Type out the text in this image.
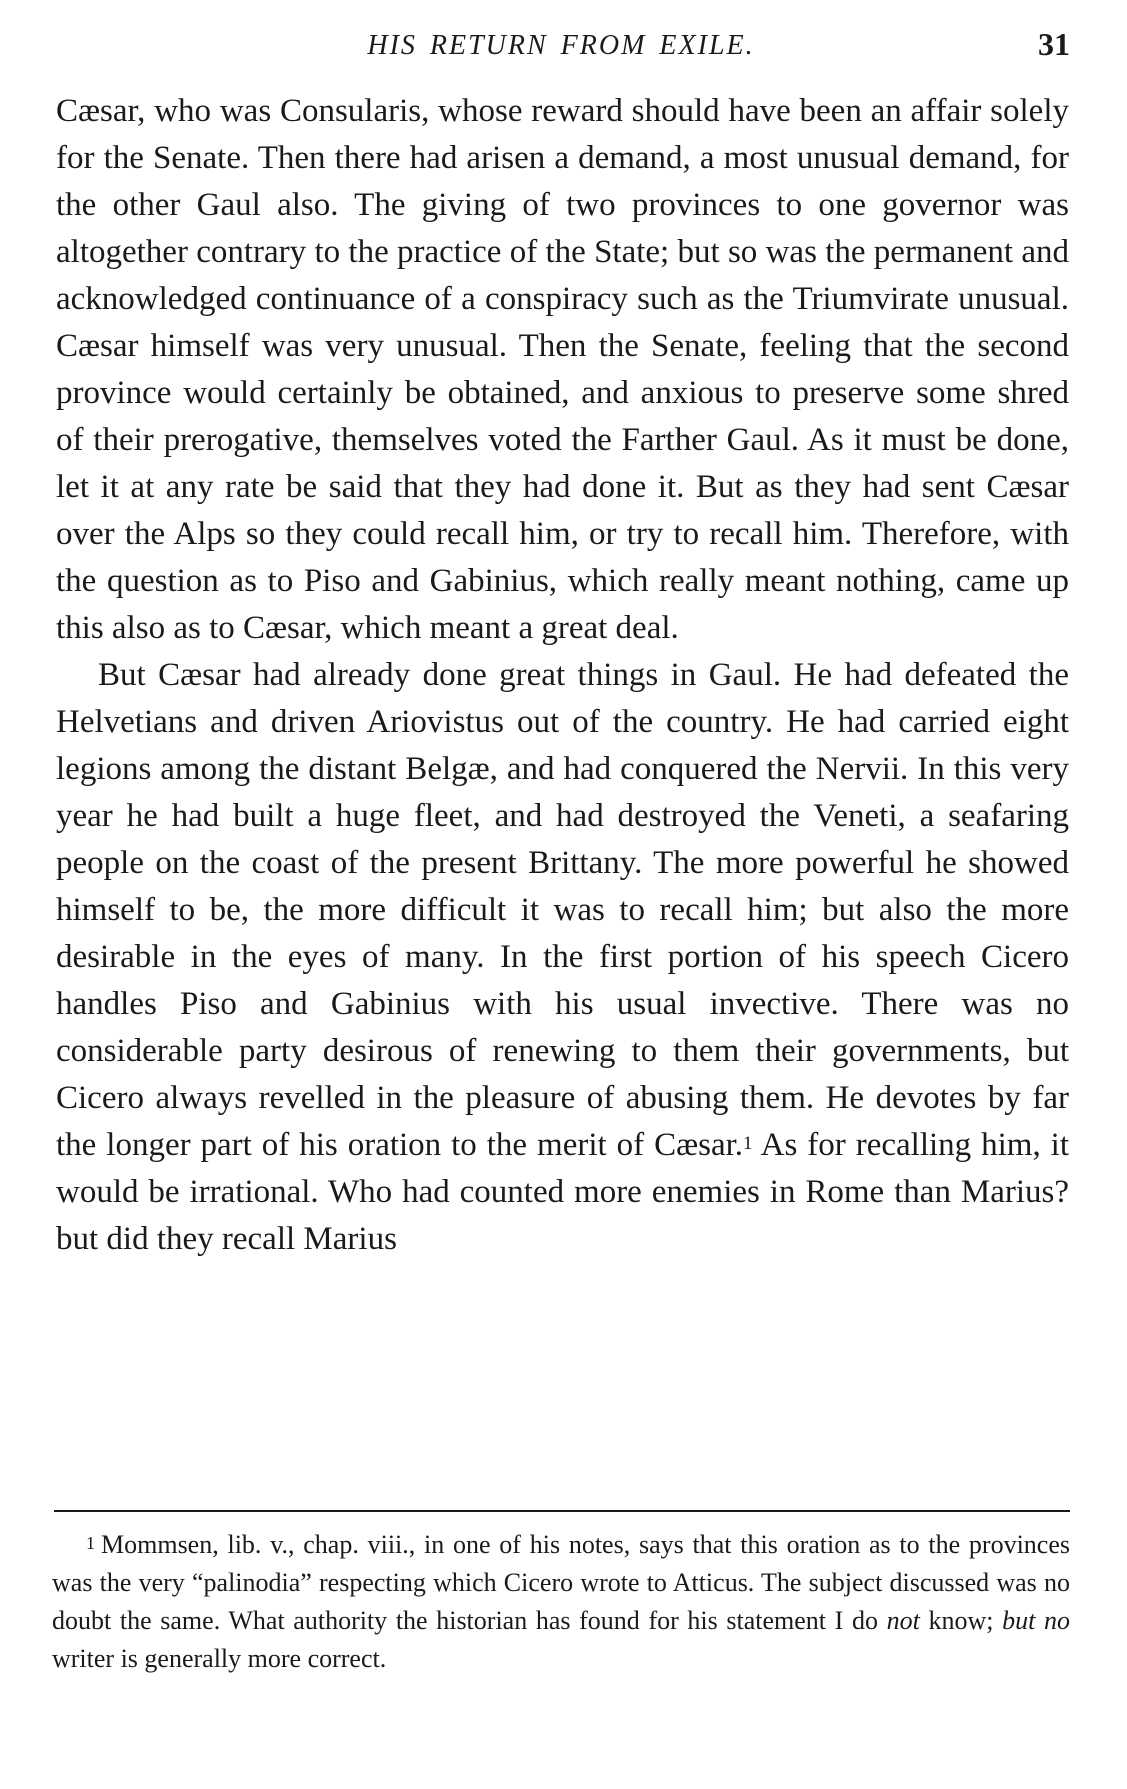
HIS RETURN FROM EXILE.	31

Cæsar, who was Consularis, whose reward should have been an affair solely for the Senate. Then there had arisen a demand, a most unusual demand, for the other Gaul also. The giving of two provinces to one governor was altogether contrary to the practice of the State; but so was the permanent and acknowledged continuance of a conspiracy such as the Triumvirate unusual. Cæsar himself was very unusual. Then the Senate, feeling that the second province would certainly be obtained, and anxious to preserve some shred of their prerogative, themselves voted the Farther Gaul. As it must be done, let it at any rate be said that they had done it. But as they had sent Cæsar over the Alps so they could recall him, or try to recall him. Therefore, with the question as to Piso and Gabinius, which really meant nothing, came up this also as to Cæsar, which meant a great deal.

But Cæsar had already done great things in Gaul. He had defeated the Helvetians and driven Ariovistus out of the country. He had carried eight legions among the distant Belgæ, and had conquered the Nervii. In this very year he had built a huge fleet, and had destroyed the Veneti, a seafaring people on the coast of the present Brittany. The more powerful he showed himself to be, the more difficult it was to recall him; but also the more desirable in the eyes of many. In the first portion of his speech Cicero handles Piso and Gabinius with his usual invective. There was no considerable party desirous of renewing to them their governments, but Cicero always revelled in the pleasure of abusing them. He devotes by far the longer part of his oration to the merit of Cæsar.$^1$ As for recalling him, it would be irrational. Who had counted more enemies in Rome than Marius? but did they recall Marius

$^1$ Mommsen, lib. v., chap. viii., in one of his notes, says that this oration as to the provinces was the very “palinodia” respecting which Cicero wrote to Atticus. The subject discussed was no doubt the same. What authority the historian has found for his statement I do not know; but no writer is generally more correct.
